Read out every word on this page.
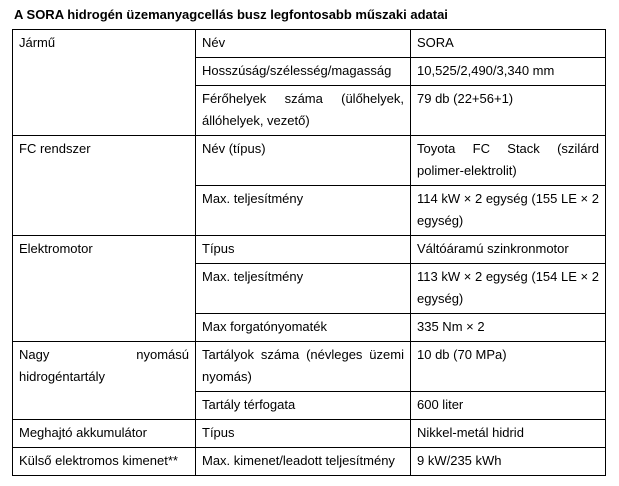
A SORA hidrogén üzemanyagcellás busz legfontosabb műszaki adatai
Jármű	Név	SORA
	Hosszúság/szélesség/magasság	10,525/2,490/3,340 mm
	Férőhelyek száma (ülőhelyek, állóhelyek, vezető)	79 db (22+56+1)
FC rendszer	Név (típus)	Toyota FC Stack (szilárd polimer-elektrolit)
	Max. teljesítmény	114 kW × 2 egység (155 LE × 2 egység)
Elektromotor	Típus	Váltóáramú szinkronmotor
	Max. teljesítmény	113 kW × 2 egység (154 LE × 2 egység)
	Max forgatónyomaték	335 Nm × 2
Nagy nyomású hidrogéntartály	Tartályok száma (névleges üzemi nyomás)	10 db (70 MPa)
	Tartály térfogata	600 liter
Meghajtó akkumulátor	Típus	Nikkel-metál hidrid
Külső elektromos kimenet**	Max. kimenet/leadott teljesítmény	9 kW/235 kWh
